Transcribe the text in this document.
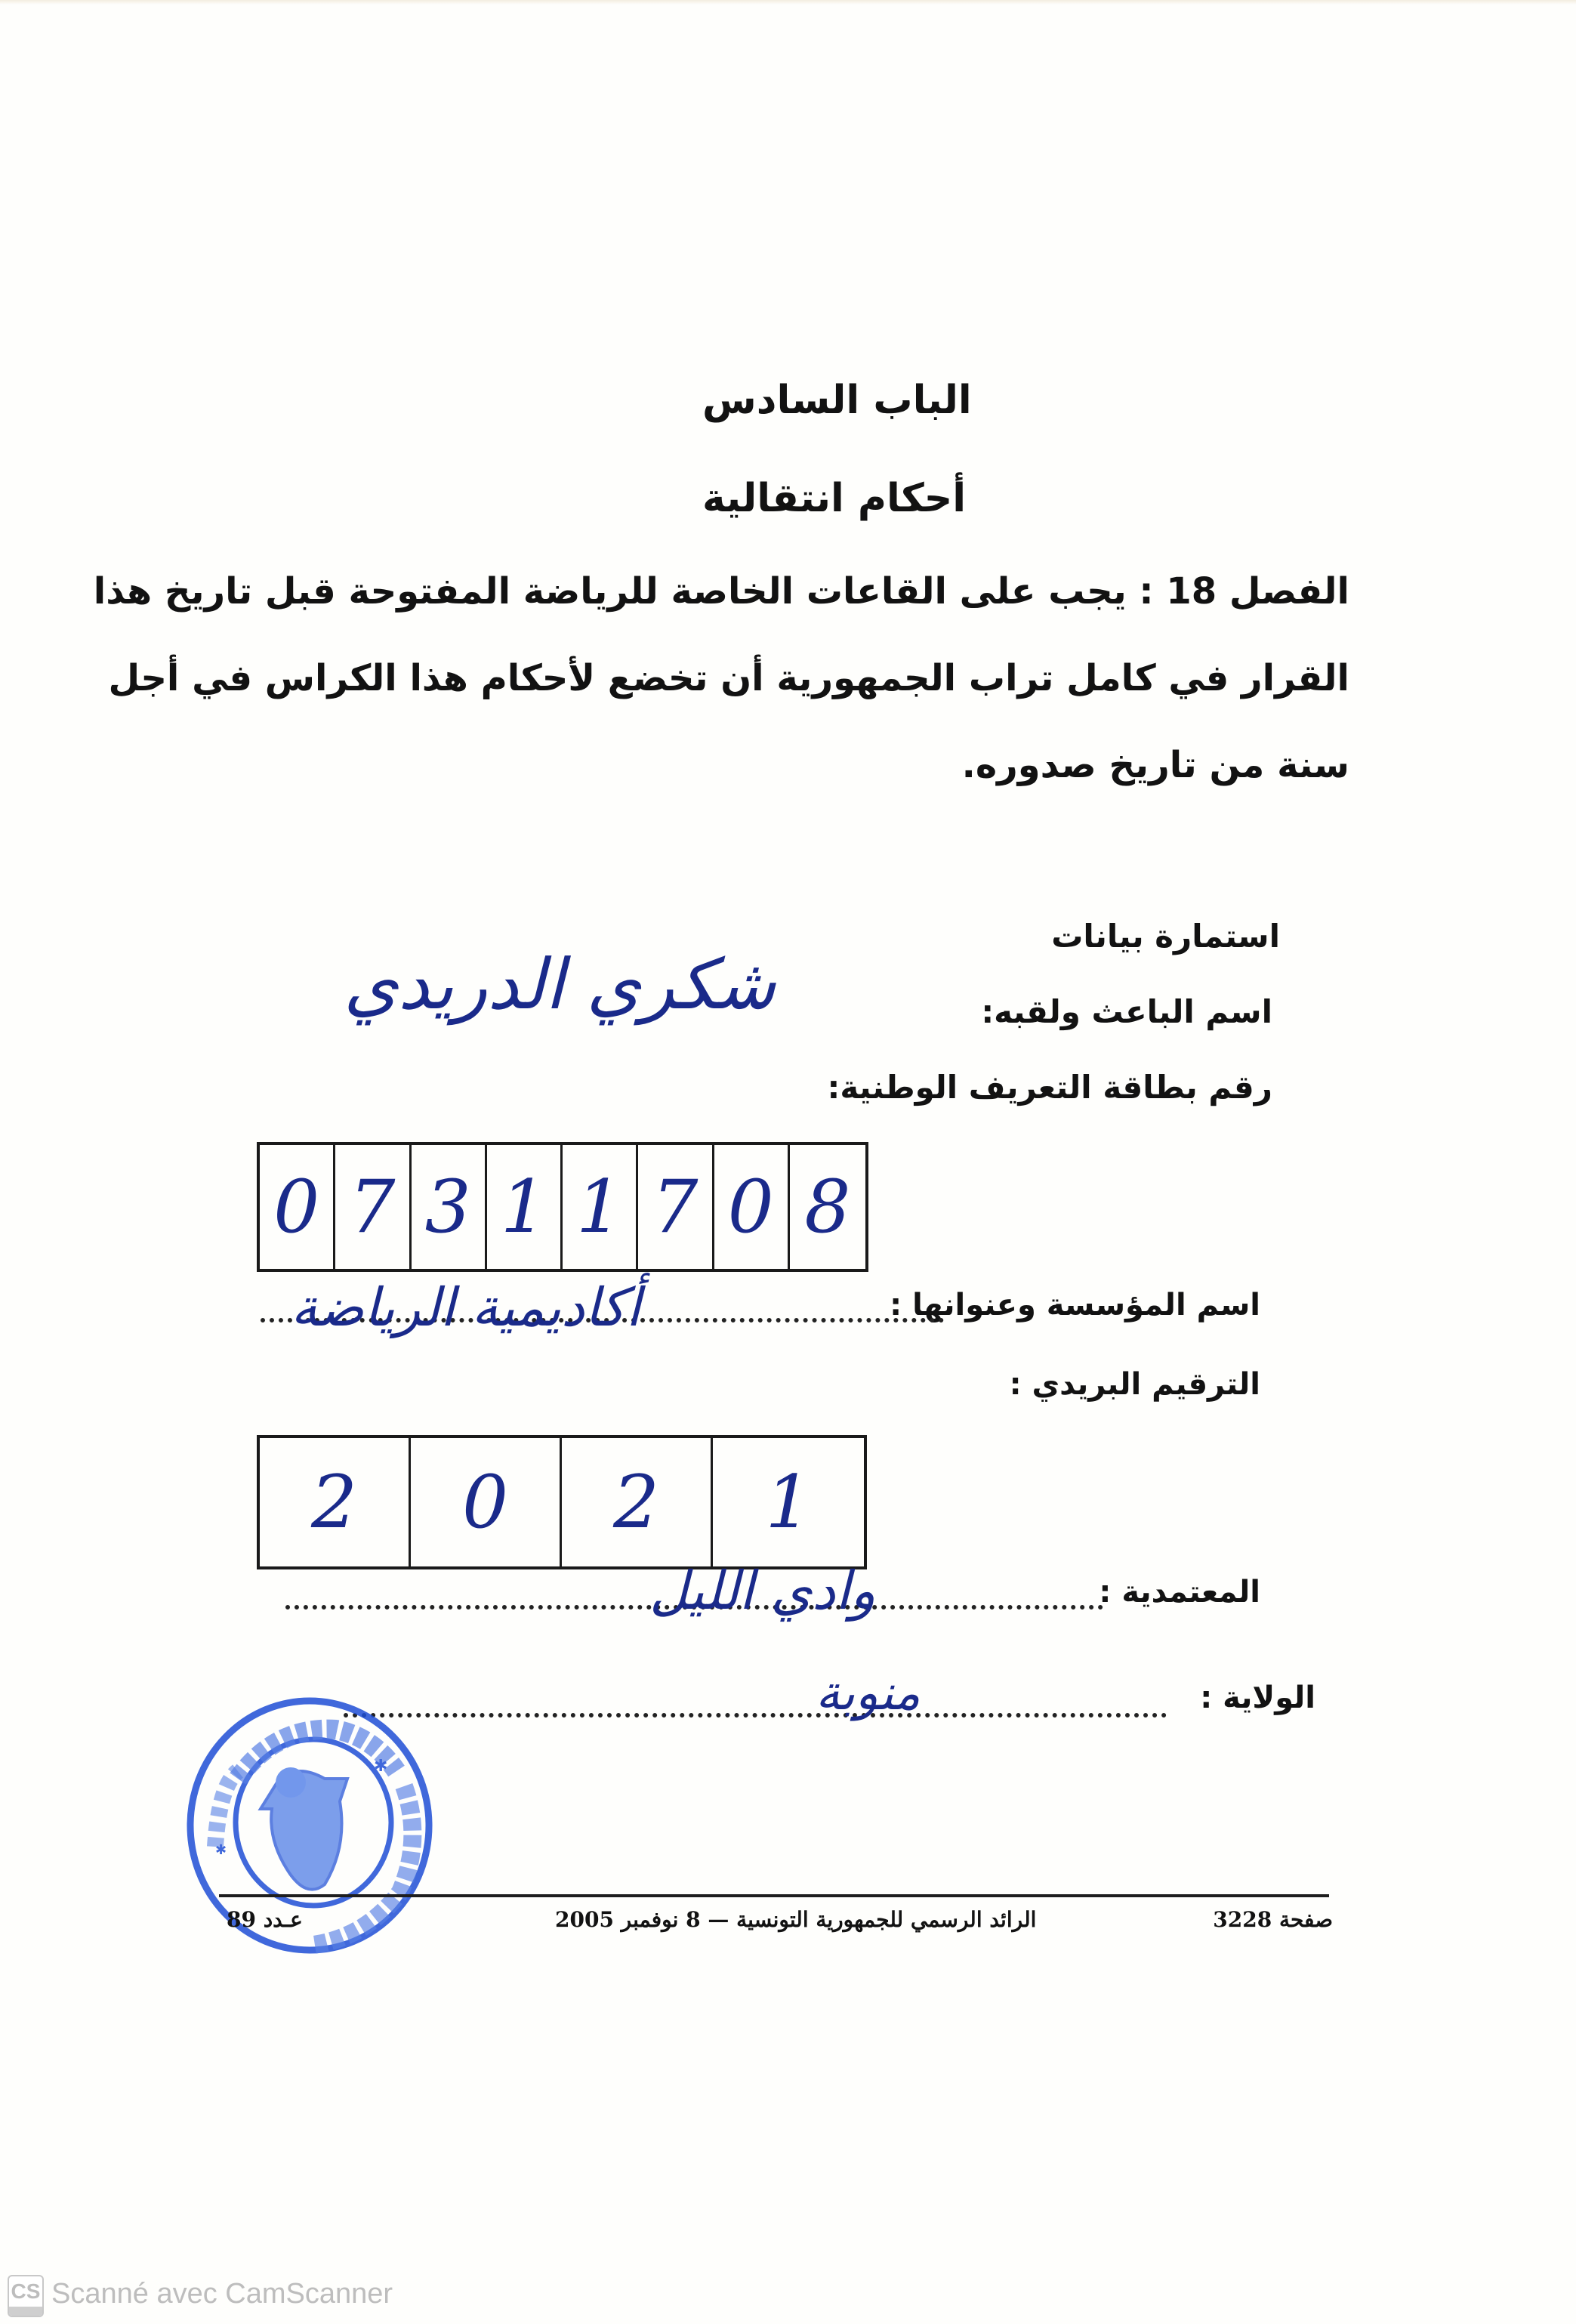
الباب السادس
أحكام انتقالية
الفصل 18 : يجب على القاعات الخاصة للرياضة المفتوحة قبل تاريخ هذا
القرار في كامل تراب الجمهورية أن تخضع لأحكام هذا الكراس في أجل
سنة من تاريخ صدوره.
استمارة بيانات
اسم الباعث ولقبه:
شكري الدريدي
رقم بطاقة التعريف الوطنية:
0 7 3 1 1 7 0 8
اسم المؤسسة وعنوانها :
أكاديمية الرياضة
الترقيم البريدي :
2	0	2	1
المعتمدية :
وادي الليل
الولاية :
منوبة
✱
✱
صفحة 3228
الرائد الرسمي للجمهورية التونسية — 8 نوفمبر 2005
عـدد 89
CS Scanné avec CamScanner
